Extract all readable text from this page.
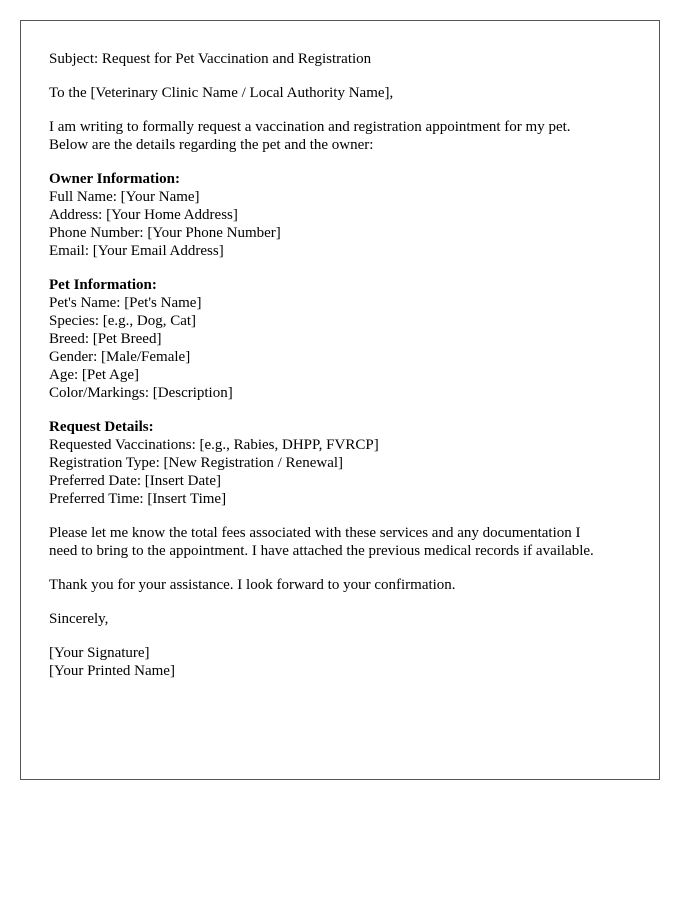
Subject: Request for Pet Vaccination and Registration
To the [Veterinary Clinic Name / Local Authority Name],
I am writing to formally request a vaccination and registration appointment for my pet.
Below are the details regarding the pet and the owner:
Owner Information:
Full Name: [Your Name]
Address: [Your Home Address]
Phone Number: [Your Phone Number]
Email: [Your Email Address]
Pet Information:
Pet's Name: [Pet's Name]
Species: [e.g., Dog, Cat]
Breed: [Pet Breed]
Gender: [Male/Female]
Age: [Pet Age]
Color/Markings: [Description]
Request Details:
Requested Vaccinations: [e.g., Rabies, DHPP, FVRCP]
Registration Type: [New Registration / Renewal]
Preferred Date: [Insert Date]
Preferred Time: [Insert Time]
Please let me know the total fees associated with these services and any documentation I
need to bring to the appointment. I have attached the previous medical records if available.
Thank you for your assistance. I look forward to your confirmation.
Sincerely,
[Your Signature]
[Your Printed Name]
